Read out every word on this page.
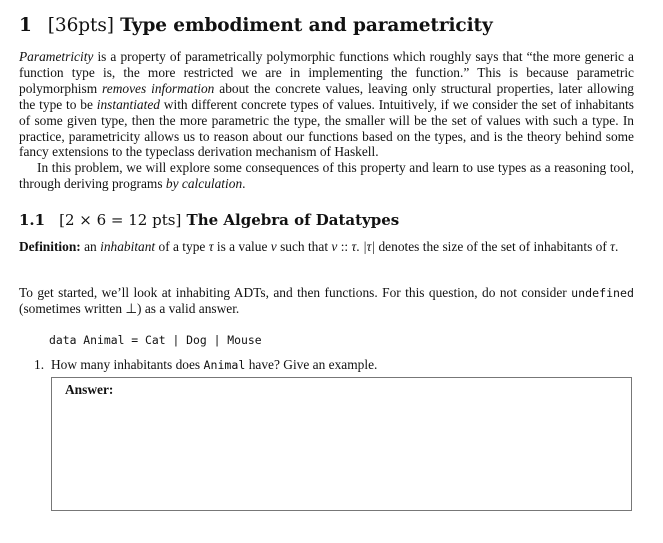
1 [36pts] Type embodiment and parametricity

Parametricity is a property of parametrically polymorphic functions which roughly says that “the more generic a function type is, the more restricted we are in implementing the function.” This is because parametric polymorphism removes information about the concrete values, leaving only structural properties, later allowing the type to be instantiated with different concrete types of values. Intuitively, if we consider the set of inhabitants of some given type, then the more parametric the type, the smaller will be the set of values with such a type. In practice, parametricity allows us to reason about our functions based on the types, and is the theory behind some fancy extensions to the typeclass derivation mechanism of Haskell.

In this problem, we will explore some consequences of this property and learn to use types as a reasoning tool, through deriving programs by calculation.

1.1 [2 × 6 = 12 pts] The Algebra of Datatypes

Definition: an inhabitant of a type τ is a value v such that v :: τ. |τ| denotes the size of the set of inhabitants of τ.

To get started, we’ll look at inhabiting ADTs, and then functions. For this question, do not consider undefined (sometimes written ⊥) as a valid answer.

data Animal = Cat | Dog | Mouse
1. How many inhabitants does Animal have? Give an example.
Answer:
